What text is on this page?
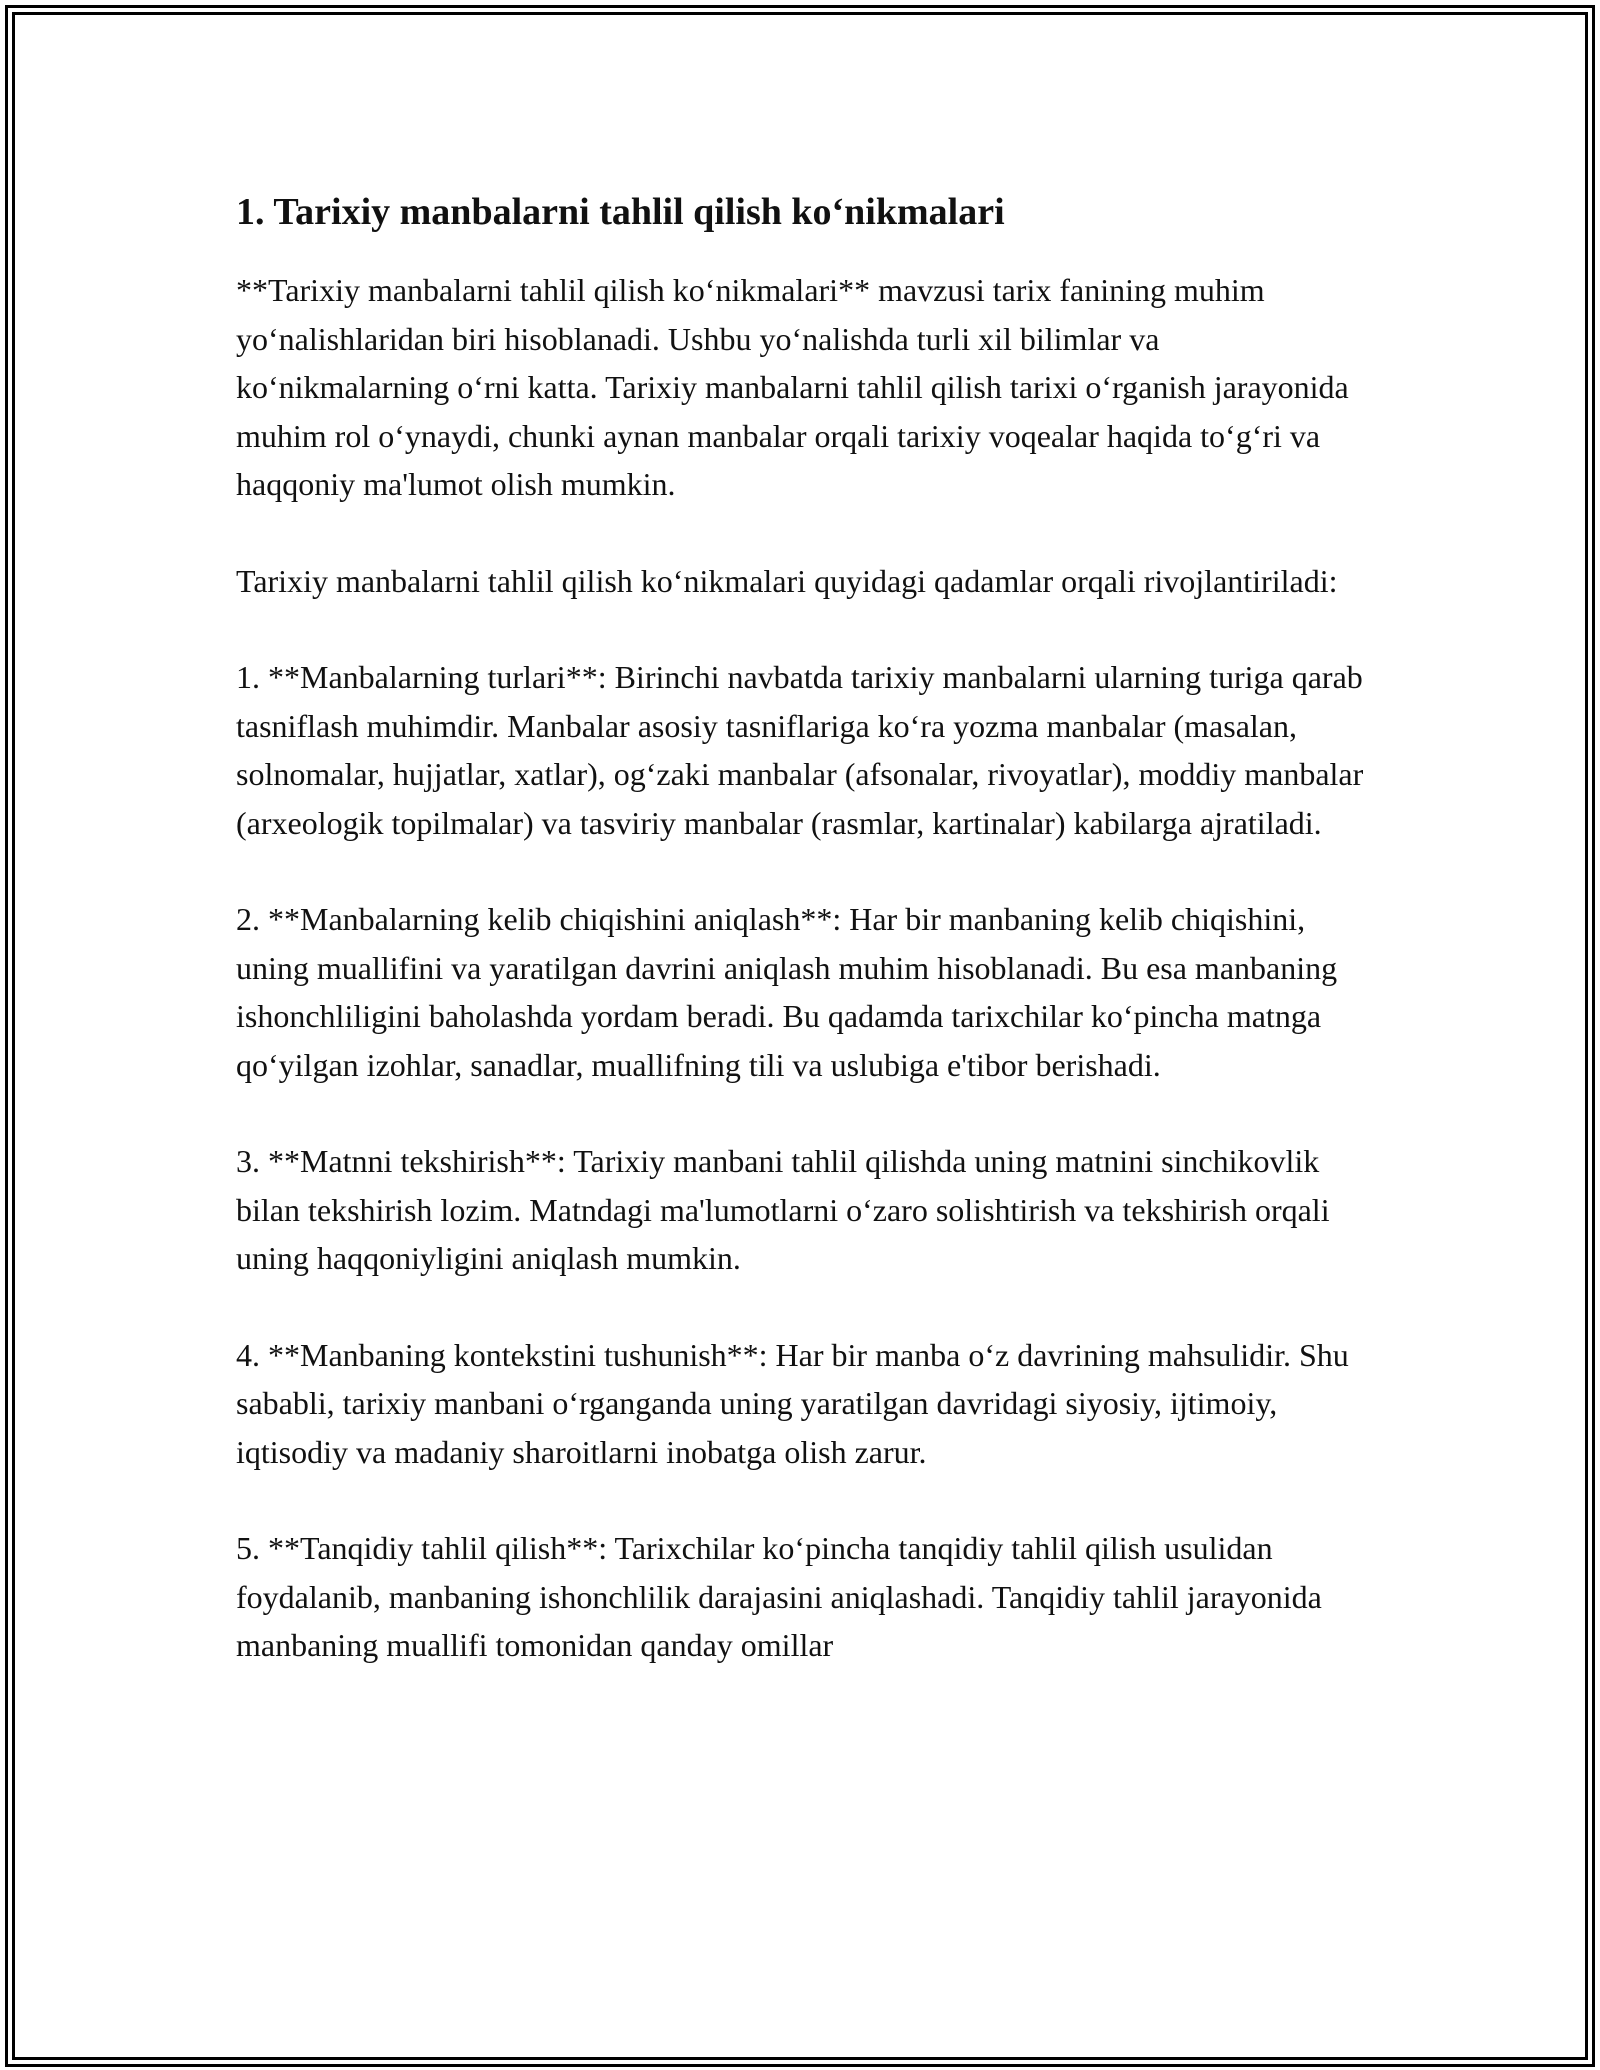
1. Tarixiy manbalarni tahlil qilish ko‘nikmalari

**Tarixiy manbalarni tahlil qilish ko‘nikmalari** mavzusi tarix fanining muhim yo‘nalishlaridan biri hisoblanadi. Ushbu yo‘nalishda turli xil bilimlar va ko‘nikmalarning o‘rni katta. Tarixiy manbalarni tahlil qilish tarixi o‘rganish jarayonida muhim rol o‘ynaydi, chunki aynan manbalar orqali tarixiy voqealar haqida to‘g‘ri va haqqoniy ma'lumot olish mumkin.

Tarixiy manbalarni tahlil qilish ko‘nikmalari quyidagi qadamlar orqali rivojlantiriladi:

1. **Manbalarning turlari**: Birinchi navbatda tarixiy manbalarni ularning turiga qarab tasniflash muhimdir. Manbalar asosiy tasniflariga ko‘ra yozma manbalar (masalan, solnomalar, hujjatlar, xatlar), og‘zaki manbalar (afsonalar, rivoyatlar), moddiy manbalar (arxeologik topilmalar) va tasviriy manbalar (rasmlar, kartinalar) kabilarga ajratiladi.

2. **Manbalarning kelib chiqishini aniqlash**: Har bir manbaning kelib chiqishini, uning muallifini va yaratilgan davrini aniqlash muhim hisoblanadi. Bu esa manbaning ishonchliligini baholashda yordam beradi. Bu qadamda tarixchilar ko‘pincha matnga qo‘yilgan izohlar, sanadlar, muallifning tili va uslubiga e'tibor berishadi.

3. **Matnni tekshirish**: Tarixiy manbani tahlil qilishda uning matnini sinchikovlik bilan tekshirish lozim. Matndagi ma'lumotlarni o‘zaro solishtirish va tekshirish orqali uning haqqoniyligini aniqlash mumkin.

4. **Manbaning kontekstini tushunish**: Har bir manba o‘z davrining mahsulidir. Shu sababli, tarixiy manbani o‘rganganda uning yaratilgan davridagi siyosiy, ijtimoiy, iqtisodiy va madaniy sharoitlarni inobatga olish zarur.

5. **Tanqidiy tahlil qilish**: Tarixchilar ko‘pincha tanqidiy tahlil qilish usulidan foydalanib, manbaning ishonchlilik darajasini aniqlashadi. Tanqidiy tahlil jarayonida manbaning muallifi tomonidan qanday omillar
